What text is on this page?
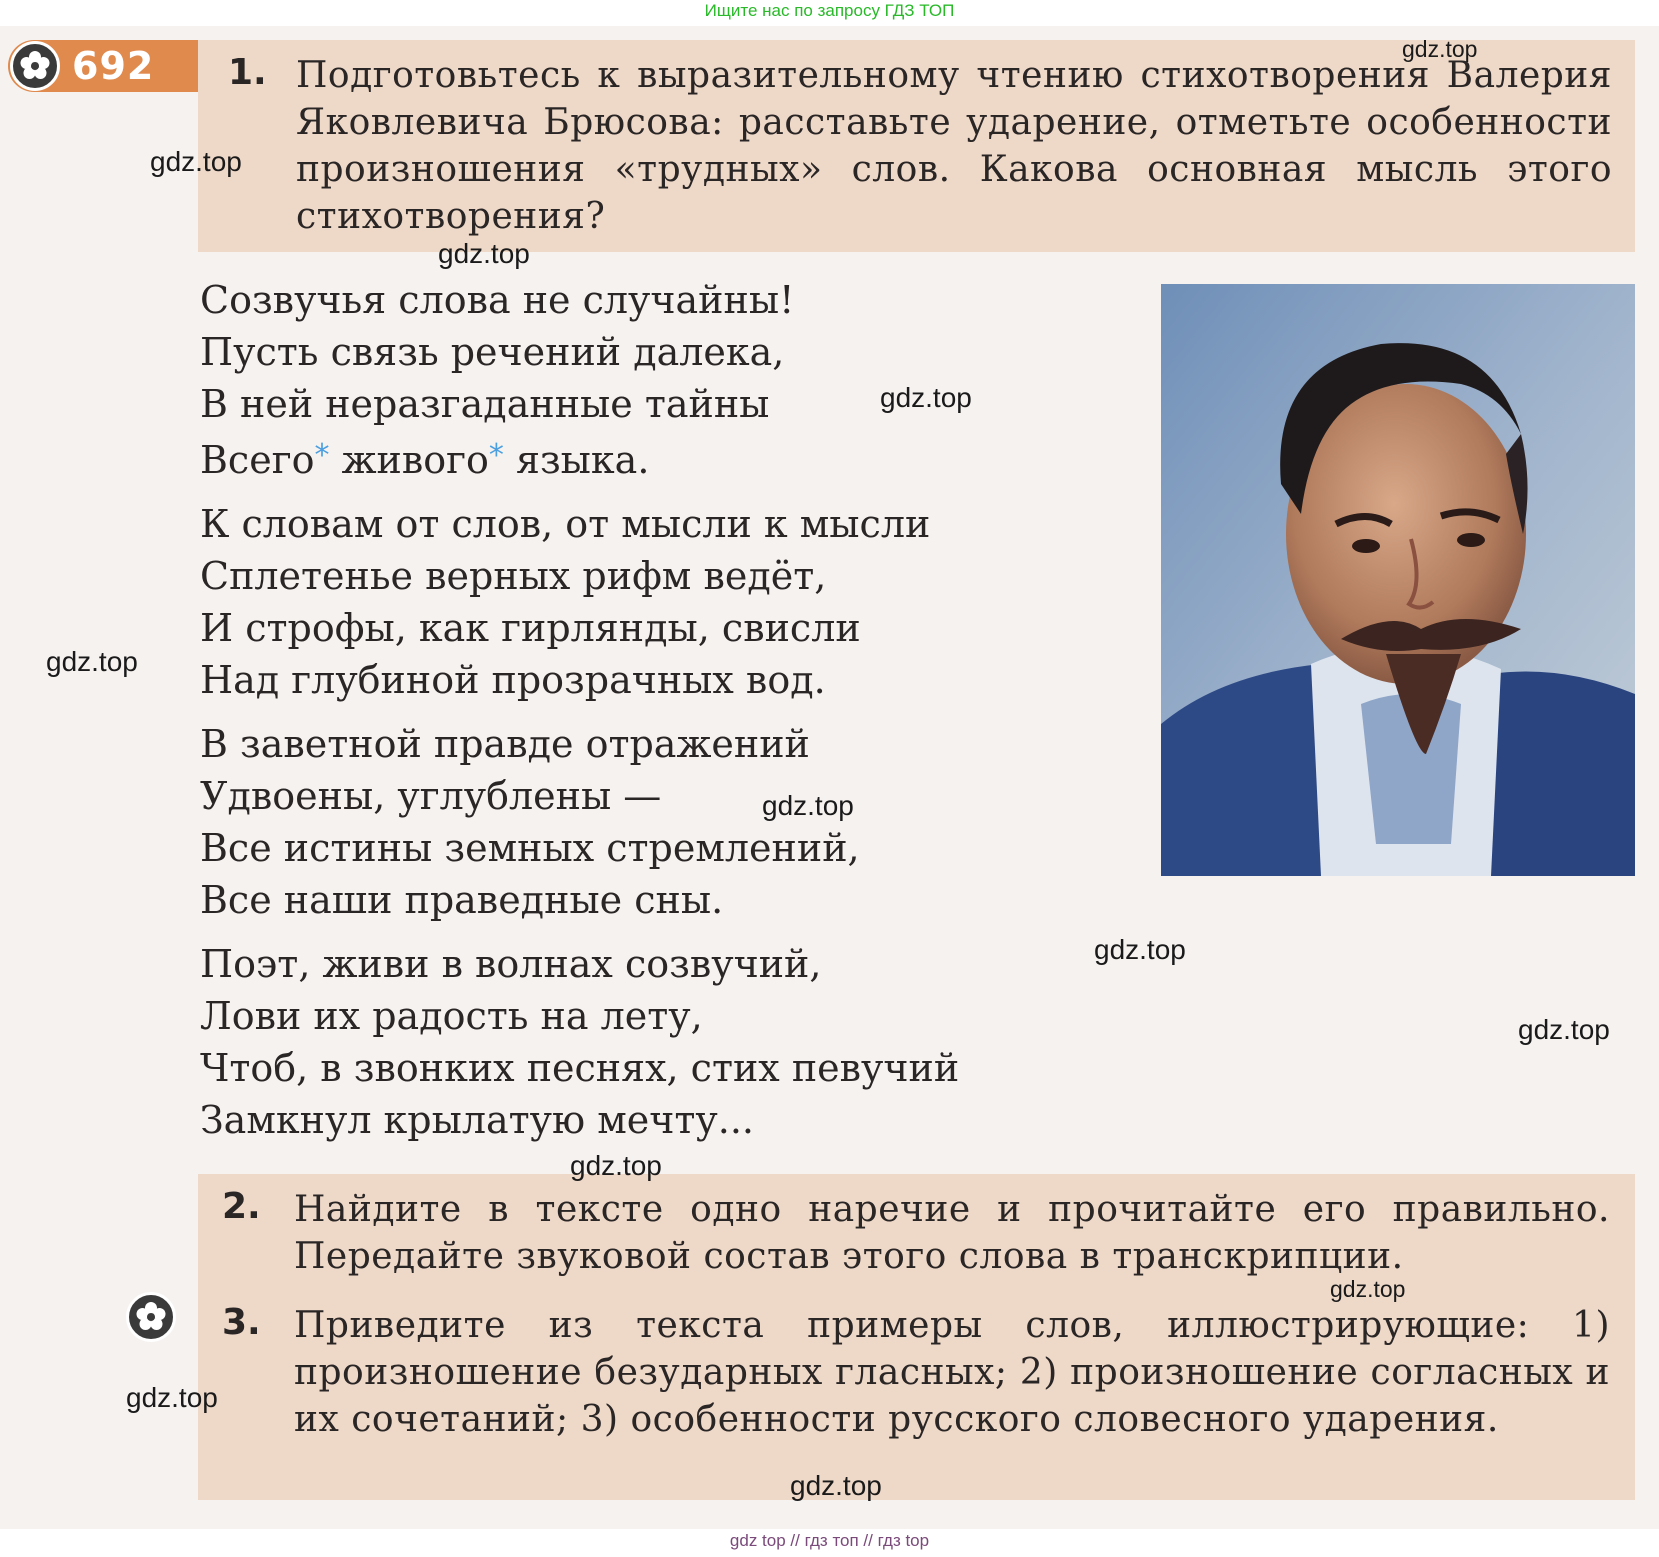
Ищите нас по запросу ГДЗ ТОП
692 1. Подготовьтесь к выразительному чтению стихотворения Валерия Яковлевича Брюсова: расставьте ударение, отметьте особенности произношения «трудных» слов. Какова основная мысль этого стихотворения?
Созвучья слова не случайны!
Пусть связь речений далека,
В ней неразгаданные тайны
Всего* живого* языка.
К словам от слов, от мысли к мысли
Сплетенье верных рифм ведёт,
И строфы, как гирлянды, свисли
Над глубиной прозрачных вод.
В заветной правде отражений
Удвоены, углублены —
Все истины земных стремлений,
Все наши праведные сны.
Поэт, живи в волнах созвучий,
Лови их радость на лету,
Чтоб, в звонких песнях, стих певучий
Замкнул крылатую мечту...
2. Найдите в тексте одно наречие и прочитайте его правильно. Передайте звуковой состав этого слова в транскрипции.
3. Приведите из текста примеры слов, иллюстрирующие: 1) произношение безударных гласных; 2) произношение согласных и их сочетаний; 3) особенности русского словесного ударения.
gdz.top
gdz.top
gdz.top
gdz.top
gdz.top
gdz.top
gdz.top
gdz.top
gdz.top
gdz.top
gdz.top
gdz.top
gdz top // гдз топ // гдз top
